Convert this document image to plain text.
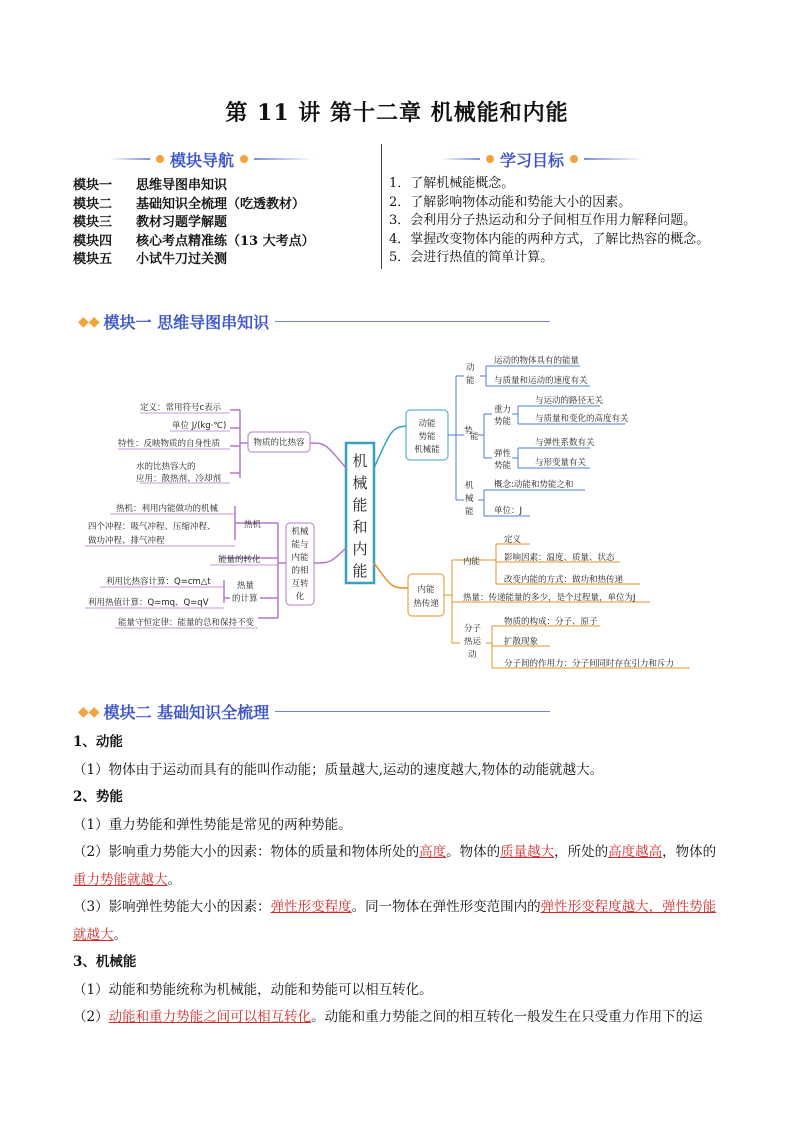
第 11 讲 第十二章 机械能和内能
模块导航	学习目标
模块一	思维导图串知识
模块二	基础知识全梳理（吃透教材）
模块三	教材习题学解题
模块四	核心考点精准练（13 大考点）
模块五	小试牛刀过关测
1．了解机械能概念。
2．了解影响物体动能和势能大小的因素。
3．会利用分子热运动和分子间相互作用力解释问题。
4．掌握改变物体内能的两种方式，了解比热容的概念。
5．会进行热值的简单计算。
◆◆ 模块一 思维导图串知识
机
械
能
和
内
能
物质的比热容
定义：常用符号c表示
单位 J/(kg·℃)
特性：反映物质的自身性质
水的比热容大的
应用：散热剂、冷却剂
机械
能与
内能
的相
互转
化
热机
热机：利用内能做功的机械
四个冲程：吸气冲程、压缩冲程、
做功冲程、排气冲程
能量的转化
热量
的计算
利用比热容计算：Q=cm△t
利用热值计算：Q=mq、Q=qV
能量守恒定律：能量的总和保持不变
动能
势能
机械能
动
能
运动的物体具有的能量
与质量和运动的速度有关
势
能
重力
势能
与运动的路径无关
与质量和变化的高度有关
弹性
势能
与弹性系数有关
与形变量有关
机
械
能
概念:动能和势能之和
单位：J
内能
热传递
内能
定义
影响因素：温度、质量、状态
改变内能的方式：做功和热传递
热量：传递能量的多少，是个过程量，单位为J
分子
热运
动
物质的构成：分子、原子
扩散现象
分子间的作用力：分子间同时存在引力和斥力
◆◆ 模块二 基础知识全梳理
1、动能
（1）物体由于运动而具有的能叫作动能；质量越大,运动的速度越大,物体的动能就越大。
2、势能
（1）重力势能和弹性势能是常见的两种势能。
（2）影响重力势能大小的因素：物体的质量和物体所处的高度。物体的质量越大，所处的高度越高，物体的重力势能就越大。
（3）影响弹性势能大小的因素：弹性形变程度。同一物体在弹性形变范围内的弹性形变程度越大，弹性势能就越大。
3、机械能
（1）动能和势能统称为机械能，动能和势能可以相互转化。
（2）动能和重力势能之间可以相互转化。动能和重力势能之间的相互转化一般发生在只受重力作用下的运
